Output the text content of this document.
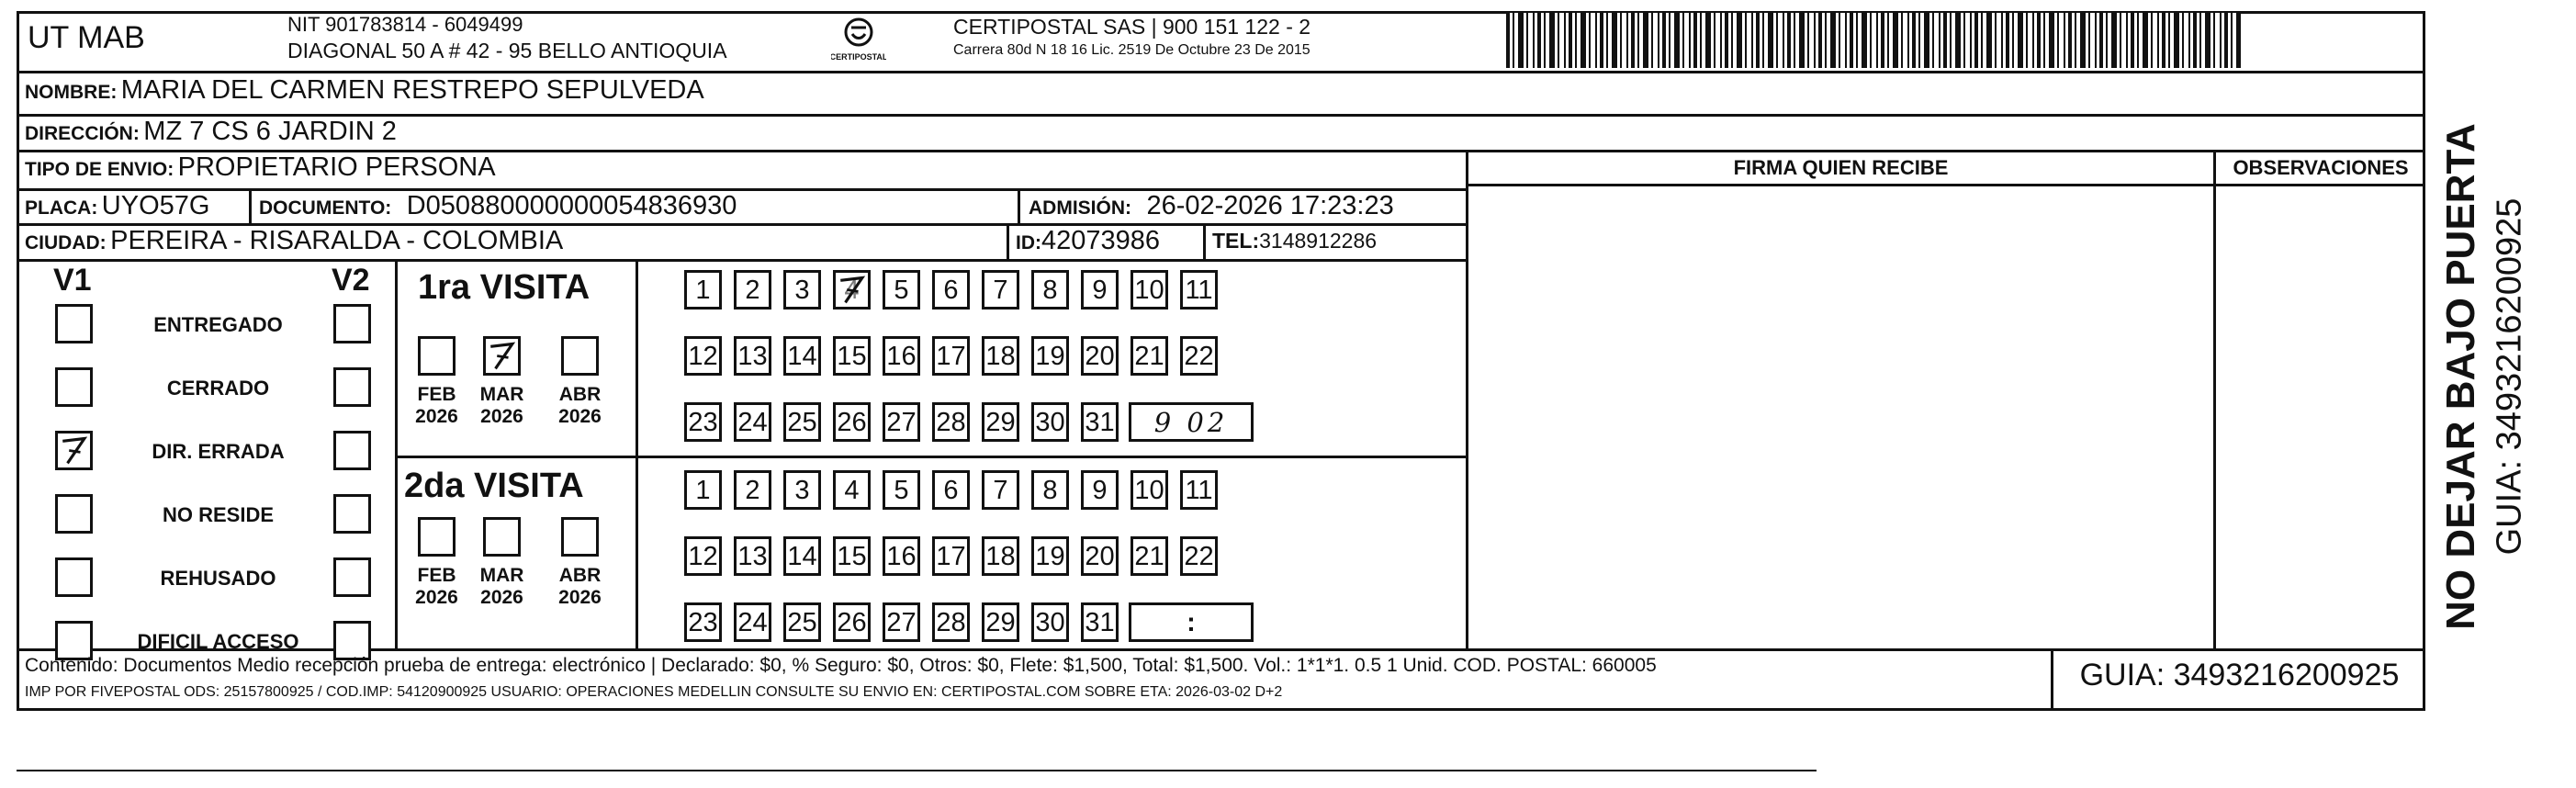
UT MAB	NIT 901783814 - 6049499
DIAGONAL 50 A # 42 - 95 BELLO ANTIOQUIA	CERTIPOSTAL
CERTIPOSTAL SAS | 900 151 122 - 2
Carrera 80d N 18 16 Lic. 2519 De Octubre 23 De 2015
NOMBRE: MARIA DEL CARMEN RESTREPO SEPULVEDA
DIRECCIÓN: MZ 7 CS 6 JARDIN 2
TIPO DE ENVIO: PROPIETARIO PERSONA
PLACA: UYO57G	DOCUMENTO: D050880000000054836930	ADMISIÓN: 26-02-2026 17:23:23
CIUDAD: PEREIRA - RISARALDA - COLOMBIA	ID:42073986 TEL:3148912286
FIRMA QUIEN RECIBE	OBSERVACIONES
V1	V2
ENTREGADO
CERRADO
DIR. ERRADA
NO RESIDE
REHUSADO
DIFICIL ACCESO
1ra VISITA
2da VISITA
FEB
2026
MAR
2026
ABR
2026
FEB
2026
MAR
2026
ABR
2026
1	2	3	4	5	6	7	8	9	10 11
12 13 14 15 16 17 18 19 20 21 22
23 24 25 26 27 28 29 30 31	9 02
1	2	3	4	5	6	7	8	9	10 11
12 13 14 15 16 17 18 19 20 21 22
23 24 25 26 27 28 29 30 31	:
Contenido: Documentos Medio recepción prueba de entrega: electrónico | Declarado: $0, % Seguro: $0, Otros: $0, Flete: $1,500, Total: $1,500. Vol.: 1*1*1. 0.5 1 Unid. COD. POSTAL: 660005
IMP POR FIVEPOSTAL ODS: 25157800925 / COD.IMP: 54120900925 USUARIO: OPERACIONES MEDELLIN CONSULTE SU ENVIO EN: CERTIPOSTAL.COM SOBRE ETA: 2026-03-02 D+2	GUIA: 3493216200925
NO DEJAR BAJO PUERTA GUIA: 3493216200925
